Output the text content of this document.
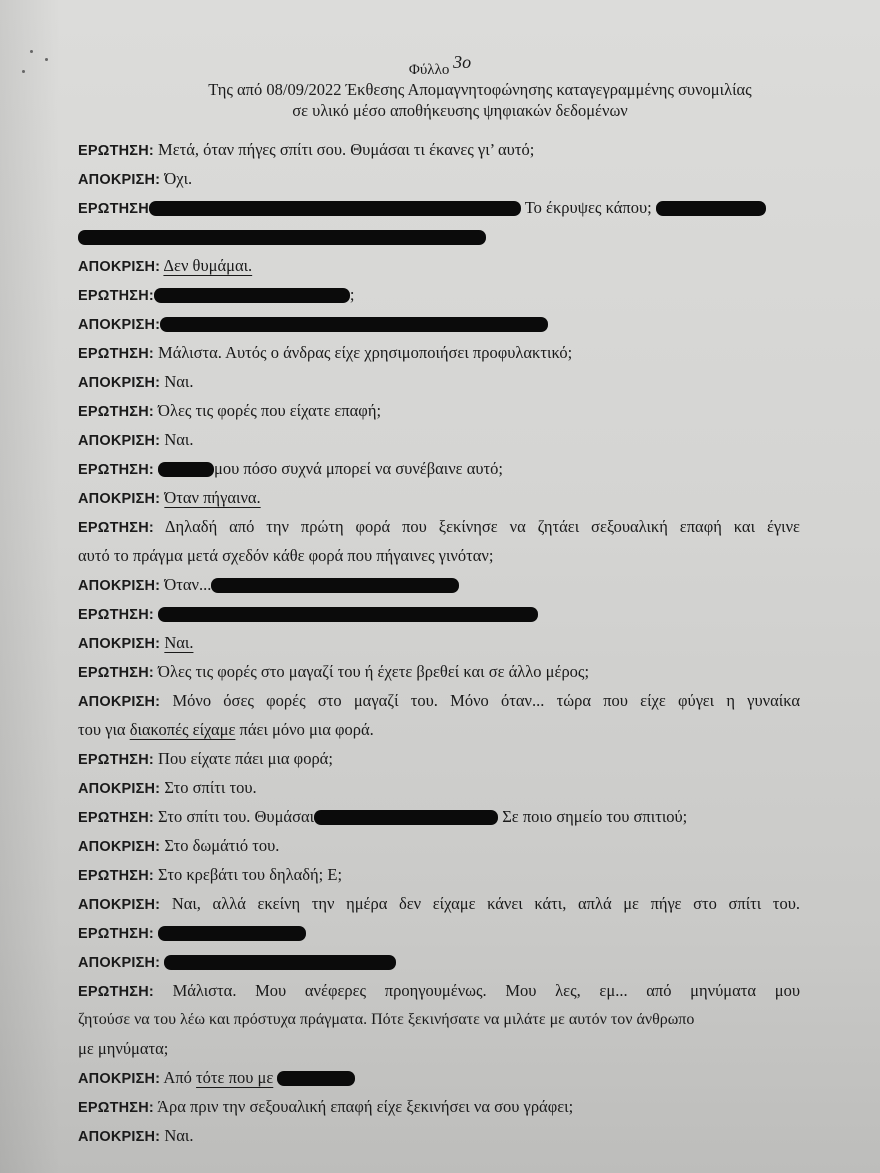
Φύλλο 3ο
Της από 08/09/2022 Έκθεσης Απομαγνητοφώνησης καταγεγραμμένης συνομιλίας
σε υλικό μέσο αποθήκευσης ψηφιακών δεδομένων
ΕΡΩΤΗΣΗ: Μετά, όταν πήγες σπίτι σου. Θυμάσαι τι έκανες γι’ αυτό;
ΑΠΟΚΡΙΣΗ: Όχι.
ΕΡΩΤΗΣΗ	Το έκρυψες κάπου;
ΑΠΟΚΡΙΣΗ: Δεν θυμάμαι.
ΕΡΩΤΗΣΗ:	;
ΑΠΟΚΡΙΣΗ:
ΕΡΩΤΗΣΗ: Μάλιστα. Αυτός ο άνδρας είχε χρησιμοποιήσει προφυλακτικό;
ΑΠΟΚΡΙΣΗ: Ναι.
ΕΡΩΤΗΣΗ: Όλες τις φορές που είχατε επαφή;
ΑΠΟΚΡΙΣΗ: Ναι.
ΕΡΩΤΗΣΗ:	μου πόσο συχνά μπορεί να συνέβαινε αυτό;
ΑΠΟΚΡΙΣΗ: Όταν πήγαινα.
ΕΡΩΤΗΣΗ: Δηλαδή από την πρώτη φορά που ξεκίνησε να ζητάει σεξουαλική επαφή και έγινε
αυτό το πράγμα μετά σχεδόν κάθε φορά που πήγαινες γινόταν;
ΑΠΟΚΡΙΣΗ: Όταν...
ΕΡΩΤΗΣΗ:
ΑΠΟΚΡΙΣΗ: Ναι.
ΕΡΩΤΗΣΗ: Όλες τις φορές στο μαγαζί του ή έχετε βρεθεί και σε άλλο μέρος;
ΑΠΟΚΡΙΣΗ: Μόνο όσες φορές στο μαγαζί του. Μόνο όταν... τώρα που είχε φύγει η γυναίκα
του για διακοπές είχαμε πάει μόνο μια φορά.
ΕΡΩΤΗΣΗ: Που είχατε πάει μια φορά;
ΑΠΟΚΡΙΣΗ: Στο σπίτι του.
ΕΡΩΤΗΣΗ: Στο σπίτι του. Θυμάσαι	Σε ποιο σημείο του σπιτιού;
ΑΠΟΚΡΙΣΗ: Στο δωμάτιό του.
ΕΡΩΤΗΣΗ: Στο κρεβάτι του δηλαδή; Ε;
ΑΠΟΚΡΙΣΗ: Ναι, αλλά εκείνη την ημέρα δεν είχαμε κάνει κάτι, απλά με πήγε στο σπίτι του.
ΕΡΩΤΗΣΗ:
ΑΠΟΚΡΙΣΗ:
ΕΡΩΤΗΣΗ: Μάλιστα. Μου ανέφερες προηγουμένως. Μου λες, εμ... από μηνύματα μου
ζητούσε να του λέω και πρόστυχα πράγματα. Πότε ξεκινήσατε να μιλάτε με αυτόν τον άνθρωπο
με μηνύματα;
ΑΠΟΚΡΙΣΗ: Από τότε που με
ΕΡΩΤΗΣΗ: Άρα πριν την σεξουαλική επαφή είχε ξεκινήσει να σου γράφει;
ΑΠΟΚΡΙΣΗ: Ναι.
